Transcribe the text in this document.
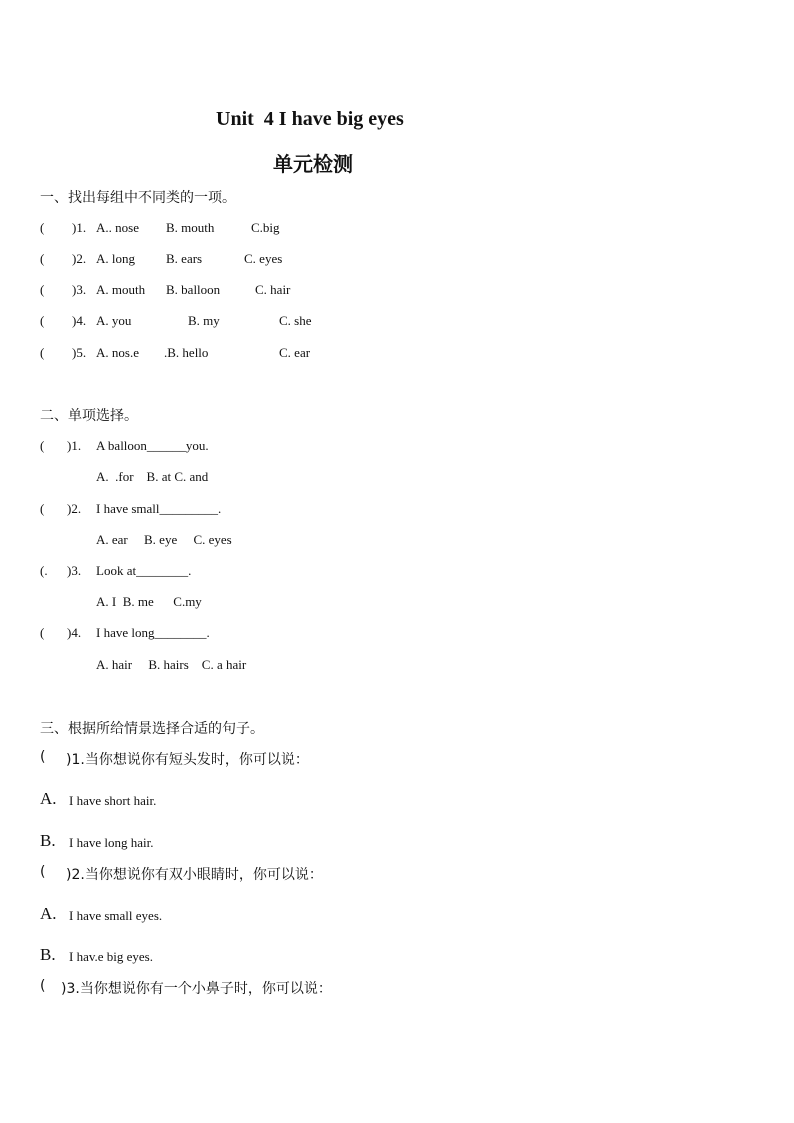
Unit  4 I have big eyes
单元检测
一、找出每组中不同类的一项。
( )1. A.. nose B. mouth	C.big
( )2. A. long B. ears	C. eyes
( )3. A. mouth B. balloon	C. hair
( )4. A. you	B. my	C. she
( )5. A. nos.e .B. hello	C. ear
二、单项选择。
( )1. A balloon______you.
A.  .for    B. at C. and
( )2. I have small_________.
A. ear     B. eye     C. eyes
(. )3. Look at________.
A. I  B. me      C.my
( )4. I have long________.
A. hair     B. hairs    C. a hair
三、根据所给情景选择合适的句子。
( )1.当你想说你有短头发时，你可以说：
A. I have short hair.
B. I have long hair.
( )2.当你想说你有双小眼睛时，你可以说：
A. I have small eyes.
B. I hav.e big eyes.
( )3.当你想说你有一个小鼻子时，你可以说：
